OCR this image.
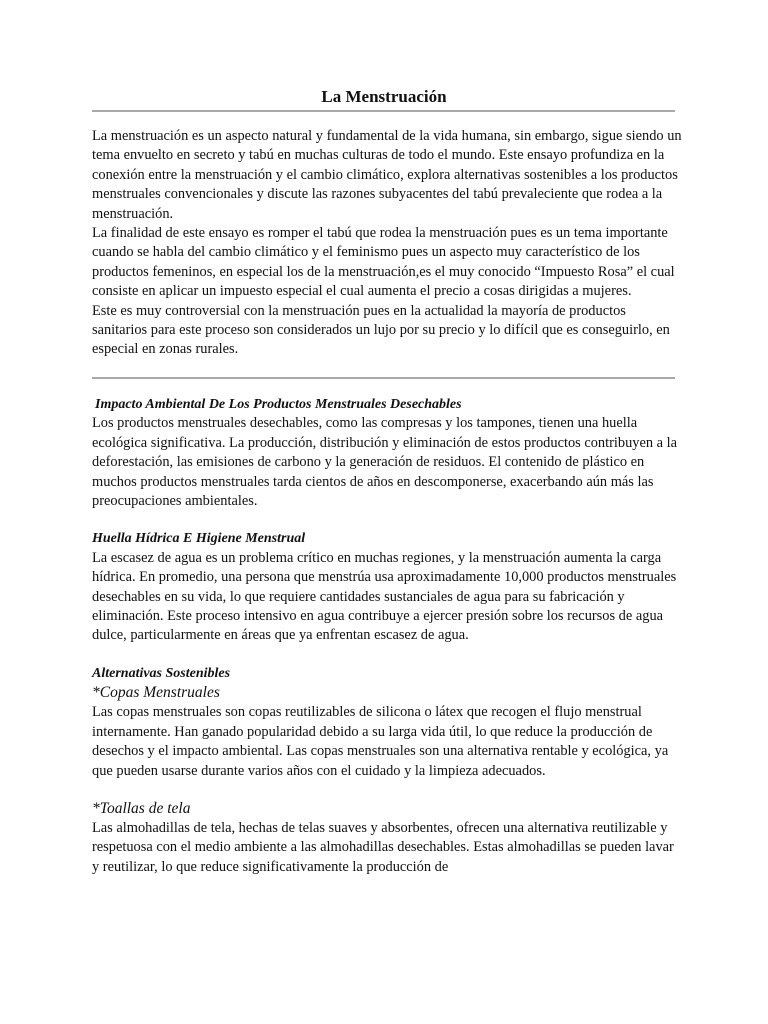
La Menstruación

La menstruación es un aspecto natural y fundamental de la vida humana, sin embargo, sigue siendo un tema envuelto en secreto y tabú en muchas culturas de todo el mundo. Este ensayo profundiza en la conexión entre la menstruación y el cambio climático, explora alternativas sostenibles a los productos menstruales convencionales y discute las razones subyacentes del tabú prevaleciente que rodea a la menstruación.

La finalidad de este ensayo es romper el tabú que rodea la menstruación pues es un tema importante cuando se habla del cambio climático y el feminismo pues un aspecto muy característico de los productos femeninos, en especial los de la menstruación,es el muy conocido “Impuesto Rosa” el cual consiste en aplicar un impuesto especial el cual aumenta el precio a cosas dirigidas a mujeres.

Este es muy controversial con la menstruación pues en la actualidad la mayoría de productos sanitarios para este proceso son considerados un lujo por su precio y lo difícil que es conseguirlo, en especial en zonas rurales.

Impacto Ambiental De Los Productos Menstruales Desechables

Los productos menstruales desechables, como las compresas y los tampones, tienen una huella ecológica significativa. La producción, distribución y eliminación de estos productos contribuyen a la deforestación, las emisiones de carbono y la generación de residuos. El contenido de plástico en muchos productos menstruales tarda cientos de años en descomponerse, exacerbando aún más las preocupaciones ambientales.

Huella Hídrica E Higiene Menstrual

La escasez de agua es un problema crítico en muchas regiones, y la menstruación aumenta la carga hídrica. En promedio, una persona que menstrúa usa aproximadamente 10,000 productos menstruales desechables en su vida, lo que requiere cantidades sustanciales de agua para su fabricación y eliminación. Este proceso intensivo en agua contribuye a ejercer presión sobre los recursos de agua dulce, particularmente en áreas que ya enfrentan escasez de agua.

Alternativas Sostenibles

*Copas Menstruales

Las copas menstruales son copas reutilizables de silicona o látex que recogen el flujo menstrual internamente. Han ganado popularidad debido a su larga vida útil, lo que reduce la producción de desechos y el impacto ambiental. Las copas menstruales son una alternativa rentable y ecológica, ya que pueden usarse durante varios años con el cuidado y la limpieza adecuados.

*Toallas de tela

Las almohadillas de tela, hechas de telas suaves y absorbentes, ofrecen una alternativa reutilizable y respetuosa con el medio ambiente a las almohadillas desechables. Estas almohadillas se pueden lavar y reutilizar, lo que reduce significativamente la producción de
